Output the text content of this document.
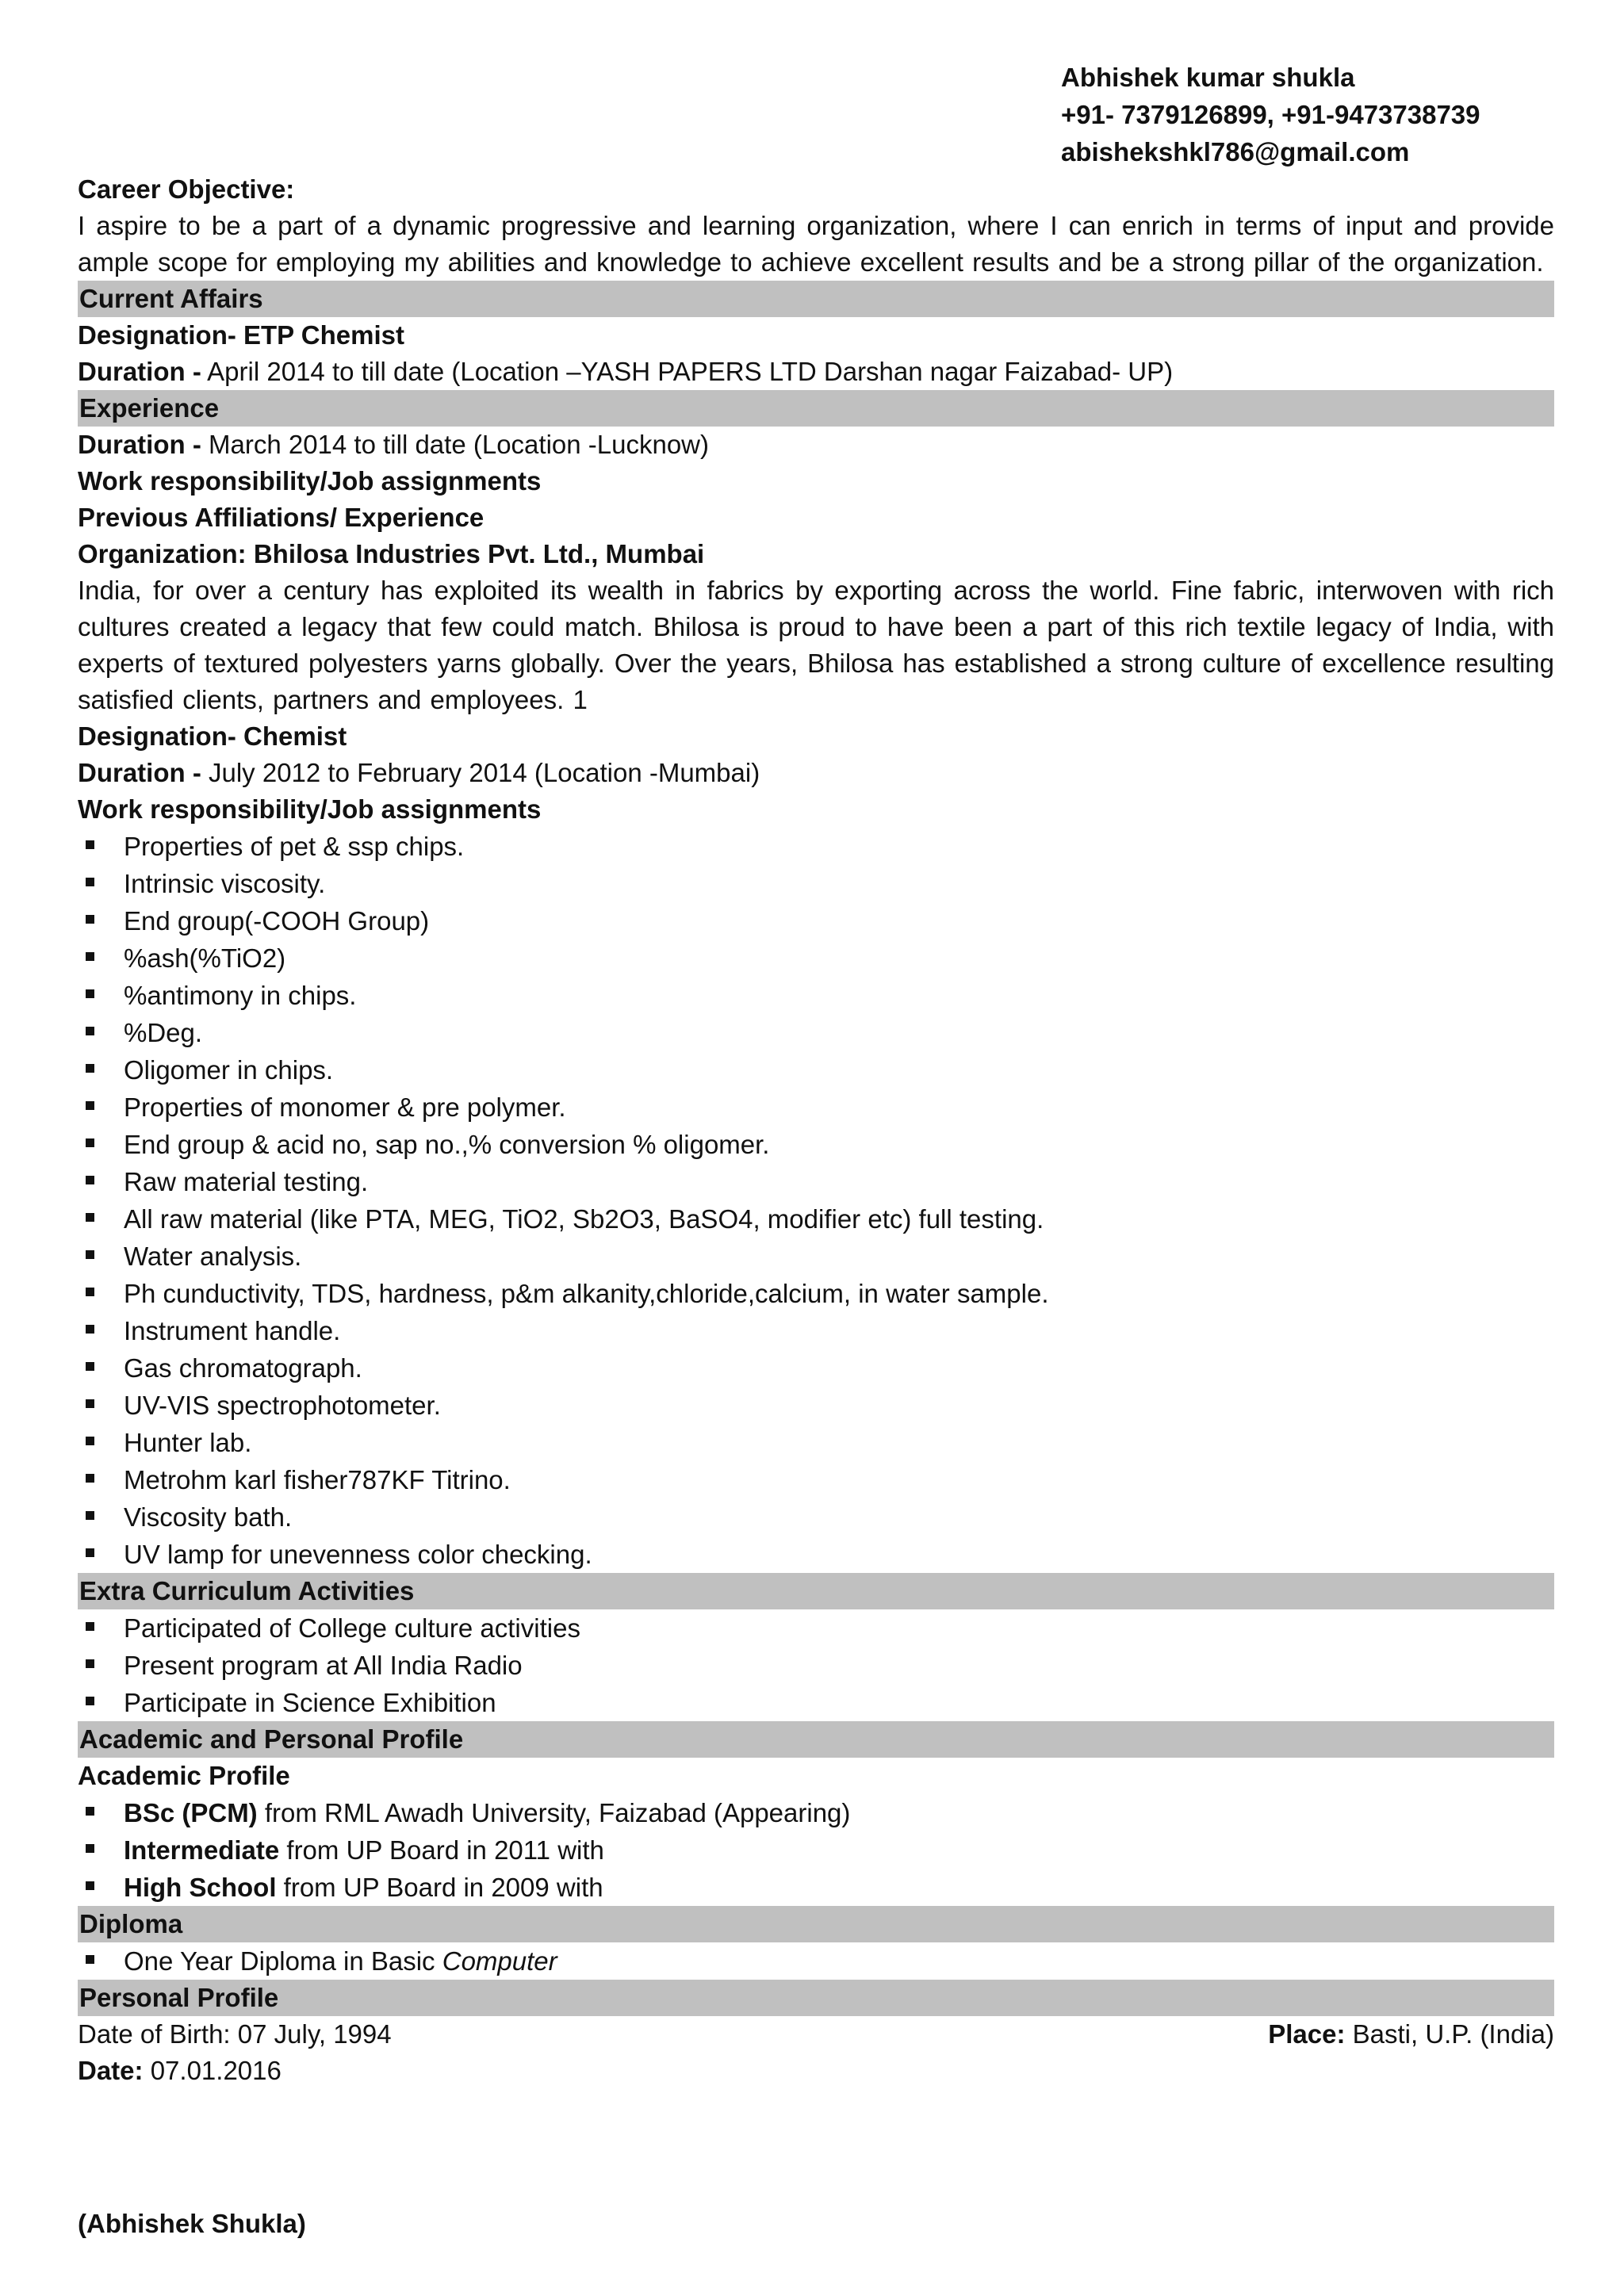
Abhishek kumar shukla
+91- 7379126899, +91-9473738739
abishekshkl786@gmail.com
Career Objective:
I aspire to be a part of a dynamic progressive and learning organization, where I can enrich in terms of input and provide ample scope for employing my abilities and knowledge to achieve excellent results and be a strong pillar of the organization.
Current Affairs
Designation- ETP Chemist
Duration - April 2014 to till date (Location –YASH PAPERS LTD Darshan nagar Faizabad- UP)
Experience
Duration - March 2014 to till date (Location -Lucknow)
Work responsibility/Job assignments
Previous Affiliations/ Experience
Organization: Bhilosa Industries Pvt. Ltd., Mumbai
India, for over a century has exploited its wealth in fabrics by exporting across the world. Fine fabric, interwoven with rich cultures created a legacy that few could match. Bhilosa is proud to have been a part of this rich textile legacy of India, with experts of textured polyesters yarns globally. Over the years, Bhilosa has established a strong culture of excellence resulting satisfied clients, partners and employees. 1
Designation- Chemist
Duration - July 2012 to February 2014 (Location -Mumbai)
Work responsibility/Job assignments
Properties of pet & ssp chips.
Intrinsic viscosity.
End group(-COOH Group)
%ash(%TiO2)
%antimony in chips.
%Deg.
Oligomer in chips.
Properties of monomer & pre polymer.
End group & acid no, sap no.,% conversion % oligomer.
Raw material testing.
All raw material (like PTA, MEG, TiO2, Sb2O3, BaSO4, modifier etc) full testing.
Water analysis.
Ph cunductivity, TDS, hardness, p&m alkanity,chloride,calcium, in water sample.
Instrument handle.
Gas chromatograph.
UV-VIS spectrophotometer.
Hunter lab.
Metrohm karl fisher787KF Titrino.
Viscosity bath.
UV lamp for unevenness color checking.
Extra Curriculum Activities
Participated of College culture activities
Present program at All India Radio
Participate in Science Exhibition
Academic and Personal Profile
Academic Profile
BSc (PCM) from RML Awadh University, Faizabad (Appearing)
Intermediate from UP Board in 2011 with
High School from UP Board in 2009 with
Diploma
One Year Diploma in Basic Computer
Personal Profile
Date of Birth: 07 July, 1994	Place: Basti, U.P. (India)
Date: 07.01.2016
(Abhishek Shukla)
